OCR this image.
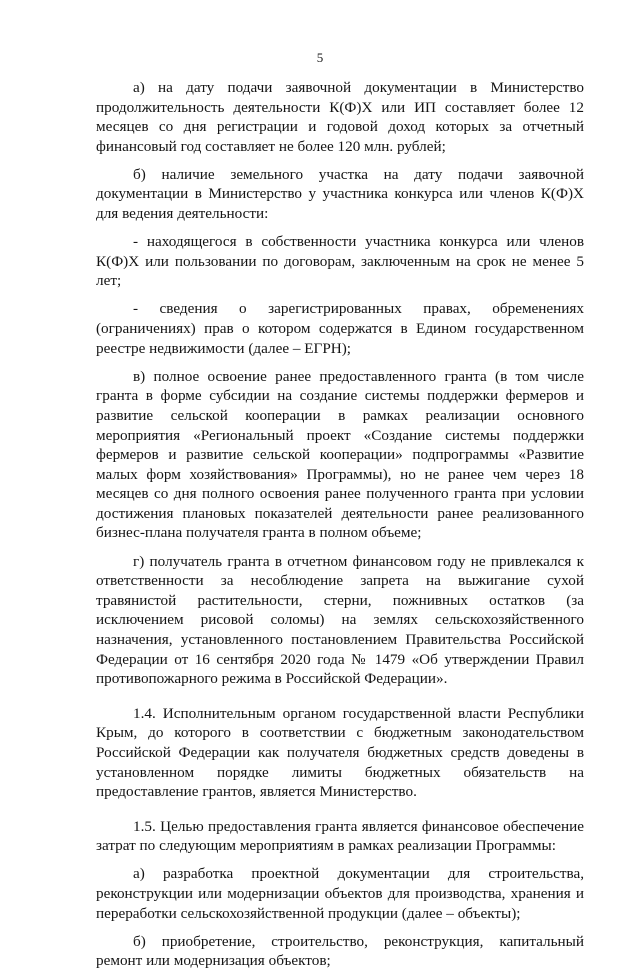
5

а) на дату подачи заявочной документации в Министерство продолжительность деятельности К(Ф)Х или ИП составляет более 12 месяцев со дня регистрации и годовой доход которых за отчетный финансовый год составляет не более 120 млн. рублей;

б) наличие земельного участка на дату подачи заявочной документации в Министерство у участника конкурса или членов К(Ф)Х для ведения деятельности:

- находящегося в собственности участника конкурса или членов К(Ф)Х или пользовании по договорам, заключенным на срок не менее 5 лет;

- сведения о зарегистрированных правах, обременениях (ограничениях) прав о котором содержатся в Едином государственном реестре недвижимости (далее – ЕГРН);

в) полное освоение ранее предоставленного гранта (в том числе гранта в форме субсидии на создание системы поддержки фермеров и развитие сельской кооперации в рамках реализации основного мероприятия «Региональный проект «Создание системы поддержки фермеров и развитие сельской кооперации» подпрограммы «Развитие малых форм хозяйствования» Программы), но не ранее чем через 18 месяцев со дня полного освоения ранее полученного гранта при условии достижения плановых показателей деятельности ранее реализованного бизнес-плана получателя гранта в полном объеме;

г) получатель гранта в отчетном финансовом году не привлекался к ответственности за несоблюдение запрета на выжигание сухой травянистой растительности, стерни, пожнивных остатков (за исключением рисовой соломы) на землях сельскохозяйственного назначения, установленного постановлением Правительства Российской Федерации от 16 сентября 2020 года № 1479 «Об утверждении Правил противопожарного режима в Российской Федерации».

1.4. Исполнительным органом государственной власти Республики Крым, до которого в соответствии с бюджетным законодательством Российской Федерации как получателя бюджетных средств доведены в установленном порядке лимиты бюджетных обязательств на предоставление грантов, является Министерство.

1.5. Целью предоставления гранта является финансовое обеспечение затрат по следующим мероприятиям в рамках реализации Программы:

а) разработка проектной документации для строительства, реконструкции или модернизации объектов для производства, хранения и переработки сельскохозяйственной продукции (далее – объекты);

б) приобретение, строительство, реконструкция, капитальный ремонт или модернизация объектов;
